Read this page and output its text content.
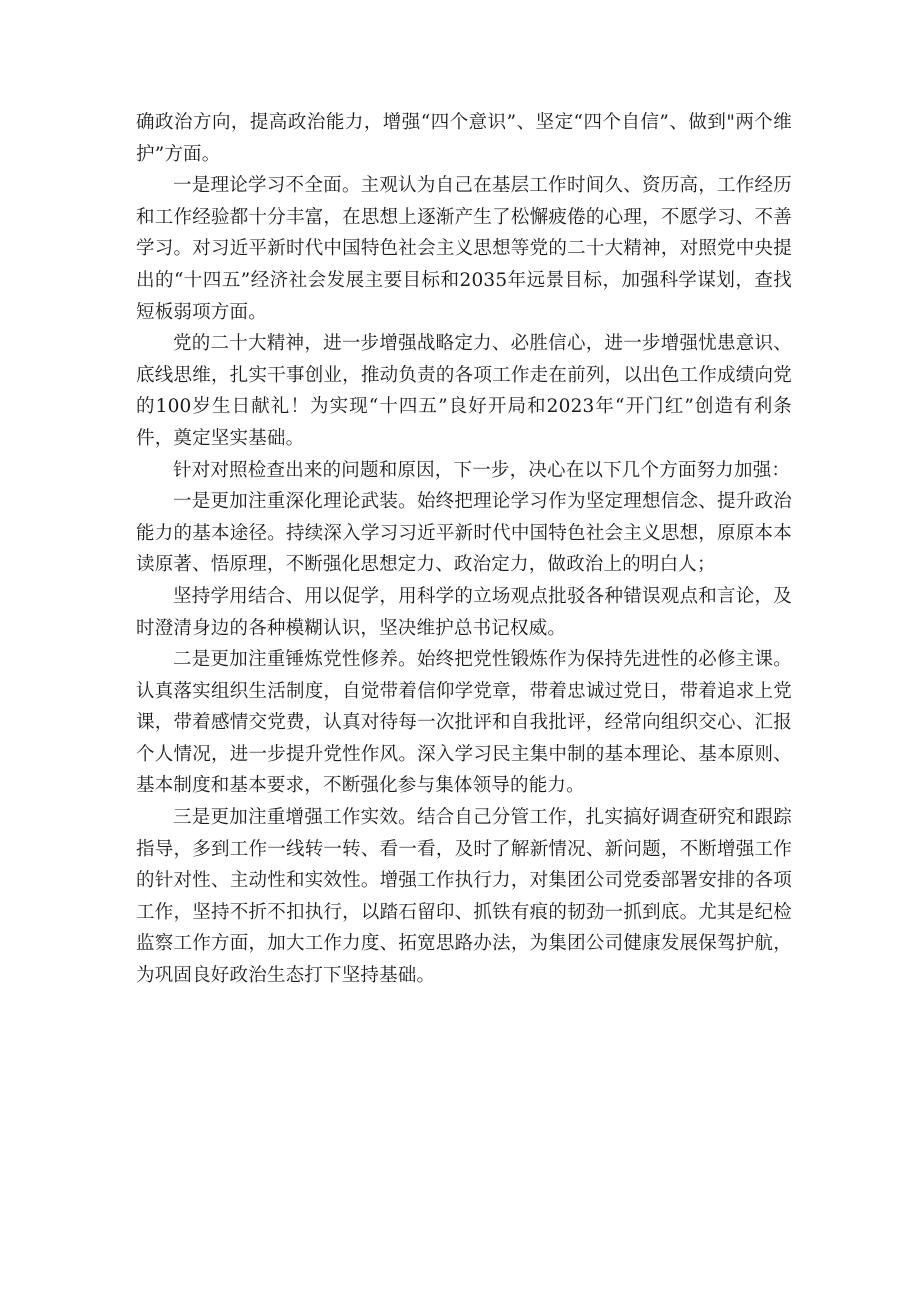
确政治方向，提高政治能力，增强“四个意识”、坚定“四个自信”、做到"两个维护”方面。

一是理论学习不全面。主观认为自己在基层工作时间久、资历高，工作经历和工作经验都十分丰富，在思想上逐渐产生了松懈疲倦的心理，不愿学习、不善学习。对习近平新时代中国特色社会主义思想等党的二十大精神，对照党中央提出的“十四五”经济社会发展主要目标和2035年远景目标，加强科学谋划，查找短板弱项方面。

党的二十大精神，进一步增强战略定力、必胜信心，进一步增强忧患意识、底线思维，扎实干事创业，推动负责的各项工作走在前列，以出色工作成绩向党的100岁生日献礼！为实现“十四五”良好开局和2023年“开门红”创造有利条件，奠定坚实基础。

针对对照检查出来的问题和原因，下一步，决心在以下几个方面努力加强：

一是更加注重深化理论武装。始终把理论学习作为坚定理想信念、提升政治能力的基本途径。持续深入学习习近平新时代中国特色社会主义思想，原原本本读原著、悟原理，不断强化思想定力、政治定力，做政治上的明白人；

坚持学用结合、用以促学，用科学的立场观点批驳各种错误观点和言论，及时澄清身边的各种模糊认识，坚决维护总书记权威。

二是更加注重锤炼党性修养。始终把党性锻炼作为保持先进性的必修主课。认真落实组织生活制度，自觉带着信仰学党章，带着忠诚过党日，带着追求上党课，带着感情交党费，认真对待每一次批评和自我批评，经常向组织交心、汇报个人情况，进一步提升党性作风。深入学习民主集中制的基本理论、基本原则、基本制度和基本要求，不断强化参与集体领导的能力。

三是更加注重增强工作实效。结合自己分管工作，扎实搞好调查研究和跟踪指导，多到工作一线转一转、看一看，及时了解新情况、新问题，不断增强工作的针对性、主动性和实效性。增强工作执行力，对集团公司党委部署安排的各项工作，坚持不折不扣执行，以踏石留印、抓铁有痕的韧劲一抓到底。尤其是纪检监察工作方面，加大工作力度、拓宽思路办法，为集团公司健康发展保驾护航，为巩固良好政治生态打下坚持基础。
